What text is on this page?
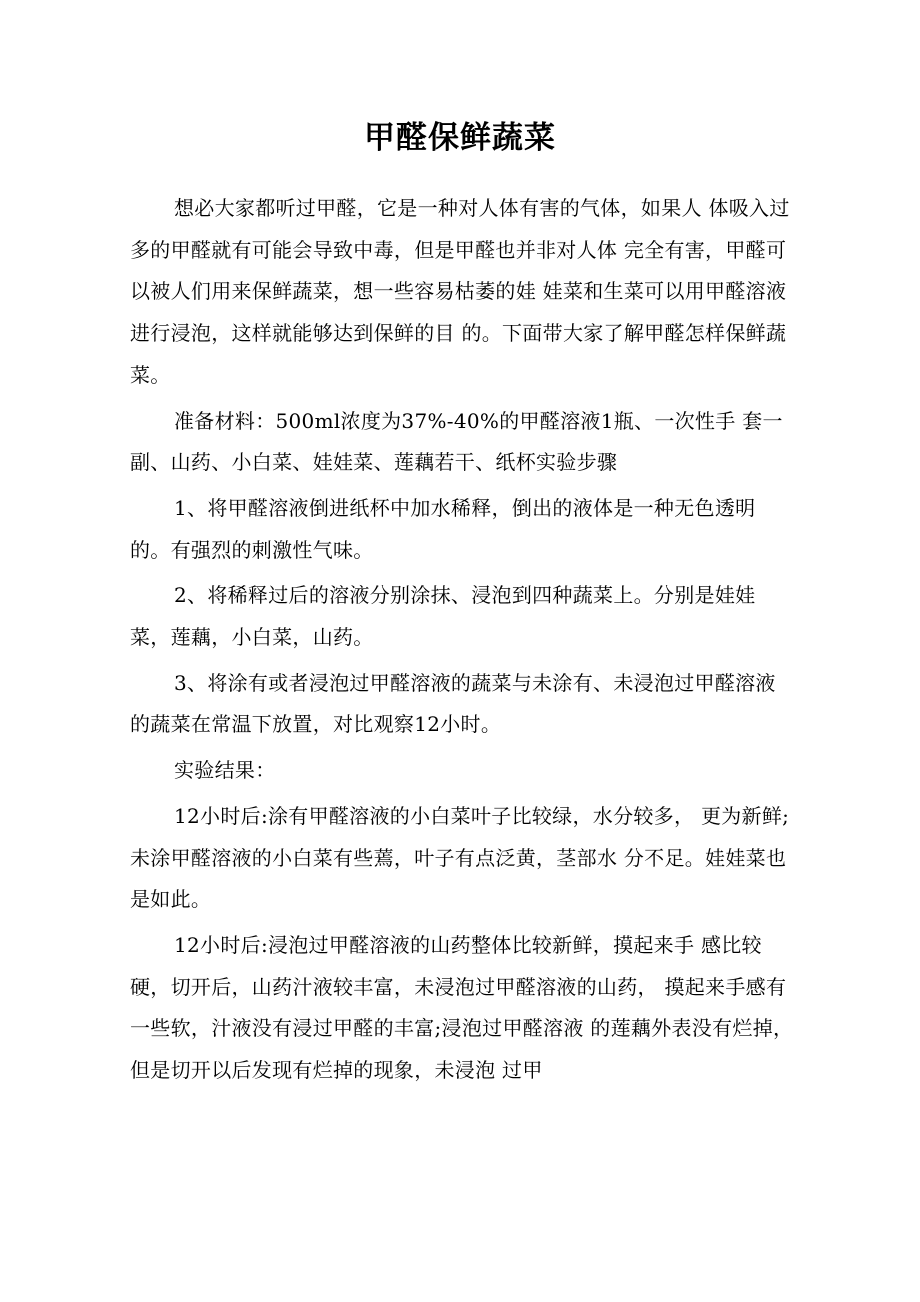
甲醛保鲜蔬菜

想必大家都听过甲醛，它是一种对人体有害的气体，如果人 体吸入过多的甲醛就有可能会导致中毒，但是甲醛也并非对人体 完全有害，甲醛可以被人们用来保鲜蔬菜，想一些容易枯萎的娃 娃菜和生菜可以用甲醛溶液进行浸泡，这样就能够达到保鲜的目 的。下面带大家了解甲醛怎样保鲜蔬菜。

准备材料：500ml浓度为37%-40%的甲醛溶液1瓶、一次性手 套一副、山药、小白菜、娃娃菜、莲藕若干、纸杯实验步骤

1、将甲醛溶液倒进纸杯中加水稀释，倒出的液体是一种无色透明的。有强烈的刺激性气味。

2、将稀释过后的溶液分别涂抹、浸泡到四种蔬菜上。分别是娃娃菜，莲藕，小白菜，山药。

3、将涂有或者浸泡过甲醛溶液的蔬菜与未涂有、未浸泡过甲醛溶液的蔬菜在常温下放置，对比观察12小时。

实验结果：

12小时后:涂有甲醛溶液的小白菜叶子比较绿，水分较多， 更为新鲜;未涂甲醛溶液的小白菜有些蔫，叶子有点泛黄，茎部水 分不足。娃娃菜也是如此。

12小时后:浸泡过甲醛溶液的山药整体比较新鲜，摸起来手 感比较硬，切开后，山药汁液较丰富，未浸泡过甲醛溶液的山药， 摸起来手感有一些软，汁液没有浸过甲醛的丰富;浸泡过甲醛溶液 的莲藕外表没有烂掉，但是切开以后发现有烂掉的现象，未浸泡 过甲
